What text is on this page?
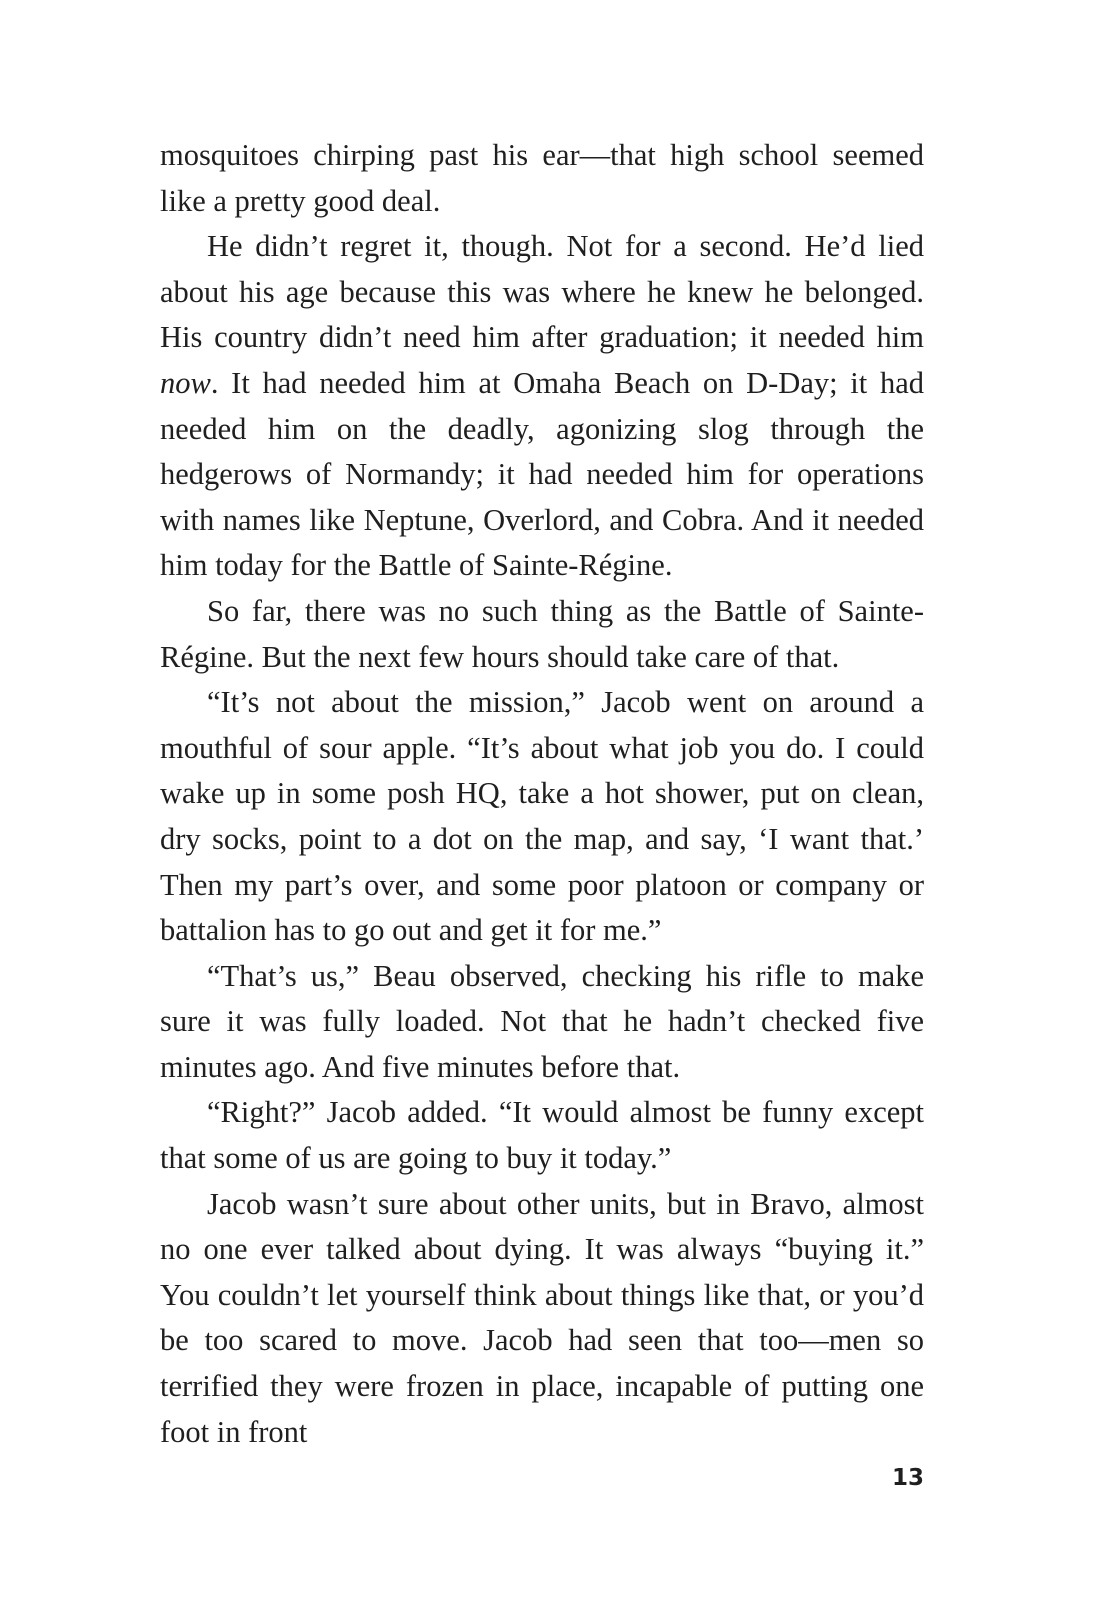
mosquitoes chirping past his ear—that high school seemed like a pretty good deal.

He didn’t regret it, though. Not for a second. He’d lied about his age because this was where he knew he belonged. His country didn’t need him after graduation; it needed him now. It had needed him at Omaha Beach on D-Day; it had needed him on the deadly, agonizing slog through the hedgerows of Normandy; it had needed him for operations with names like Neptune, Overlord, and Cobra. And it needed him today for the Battle of Sainte-Régine.

So far, there was no such thing as the Battle of Sainte-Régine. But the next few hours should take care of that.

“It’s not about the mission,” Jacob went on around a mouthful of sour apple. “It’s about what job you do. I could wake up in some posh HQ, take a hot shower, put on clean, dry socks, point to a dot on the map, and say, ‘I want that.’ Then my part’s over, and some poor platoon or company or battalion has to go out and get it for me.”

“That’s us,” Beau observed, checking his rifle to make sure it was fully loaded. Not that he hadn’t checked five minutes ago. And five minutes before that.

“Right?” Jacob added. “It would almost be funny except that some of us are going to buy it today.”

Jacob wasn’t sure about other units, but in Bravo, almost no one ever talked about dying. It was always “buying it.” You couldn’t let yourself think about things like that, or you’d be too scared to move. Jacob had seen that too—men so terrified they were frozen in place, incapable of putting one foot in front

13
